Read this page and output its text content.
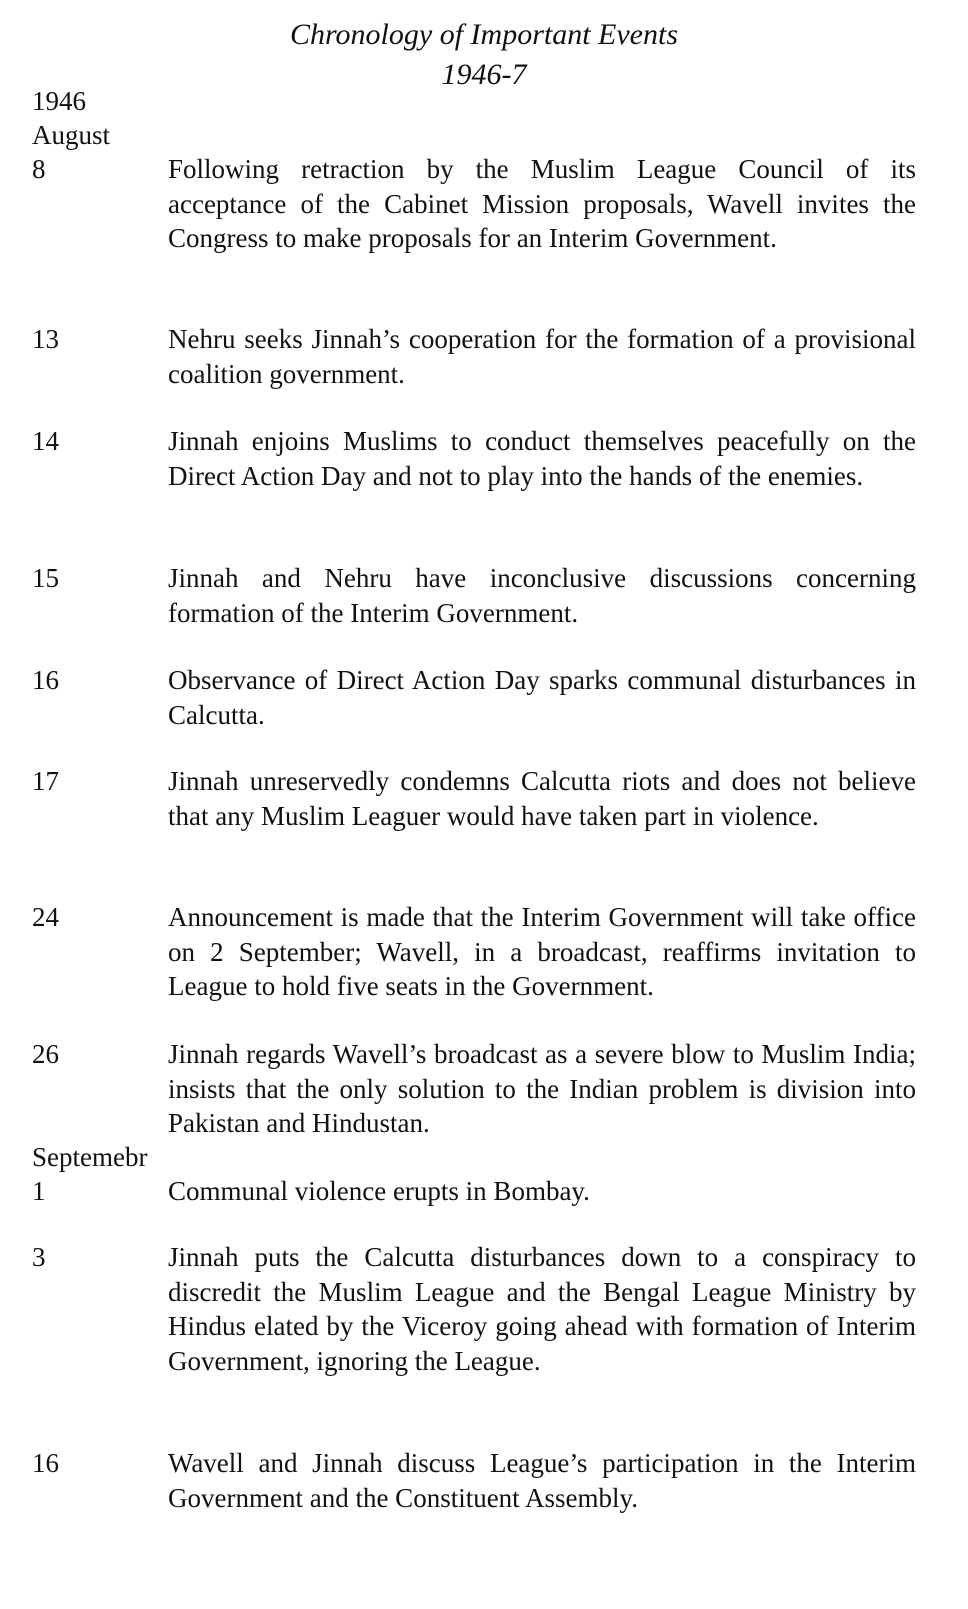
Chronology of Important Events
1946-7
1946
August
8	Following retraction by the Muslim League Council of its acceptance of the Cabinet Mission proposals, Wavell invites the Congress to make proposals for an Interim Government.
13	Nehru seeks Jinnah’s cooperation for the formation of a provisional coalition government.
14	Jinnah enjoins Muslims to conduct themselves peacefully on the Direct Action Day and not to play into the hands of the enemies.
15	Jinnah and Nehru have inconclusive discussions concerning formation of the Interim Government.
16	Observance of Direct Action Day sparks communal disturbances in Calcutta.
17	Jinnah unreservedly condemns Calcutta riots and does not believe that any Muslim Leaguer would have taken part in violence.
24	Announcement is made that the Interim Government will take office on 2 September; Wavell, in a broadcast, reaffirms invitation to League to hold five seats in the Government.
26	Jinnah regards Wavell’s broadcast as a severe blow to Muslim India; insists that the only solution to the Indian problem is division into Pakistan and Hindustan.
Septemebr
1	Communal violence erupts in Bombay.
3	Jinnah puts the Calcutta disturbances down to a conspiracy to discredit the Muslim League and the Bengal League Ministry by Hindus elated by the Viceroy going ahead with formation of Interim Government, ignoring the League.
16	Wavell and Jinnah discuss League’s participation in the Interim Government and the Constituent Assembly.
